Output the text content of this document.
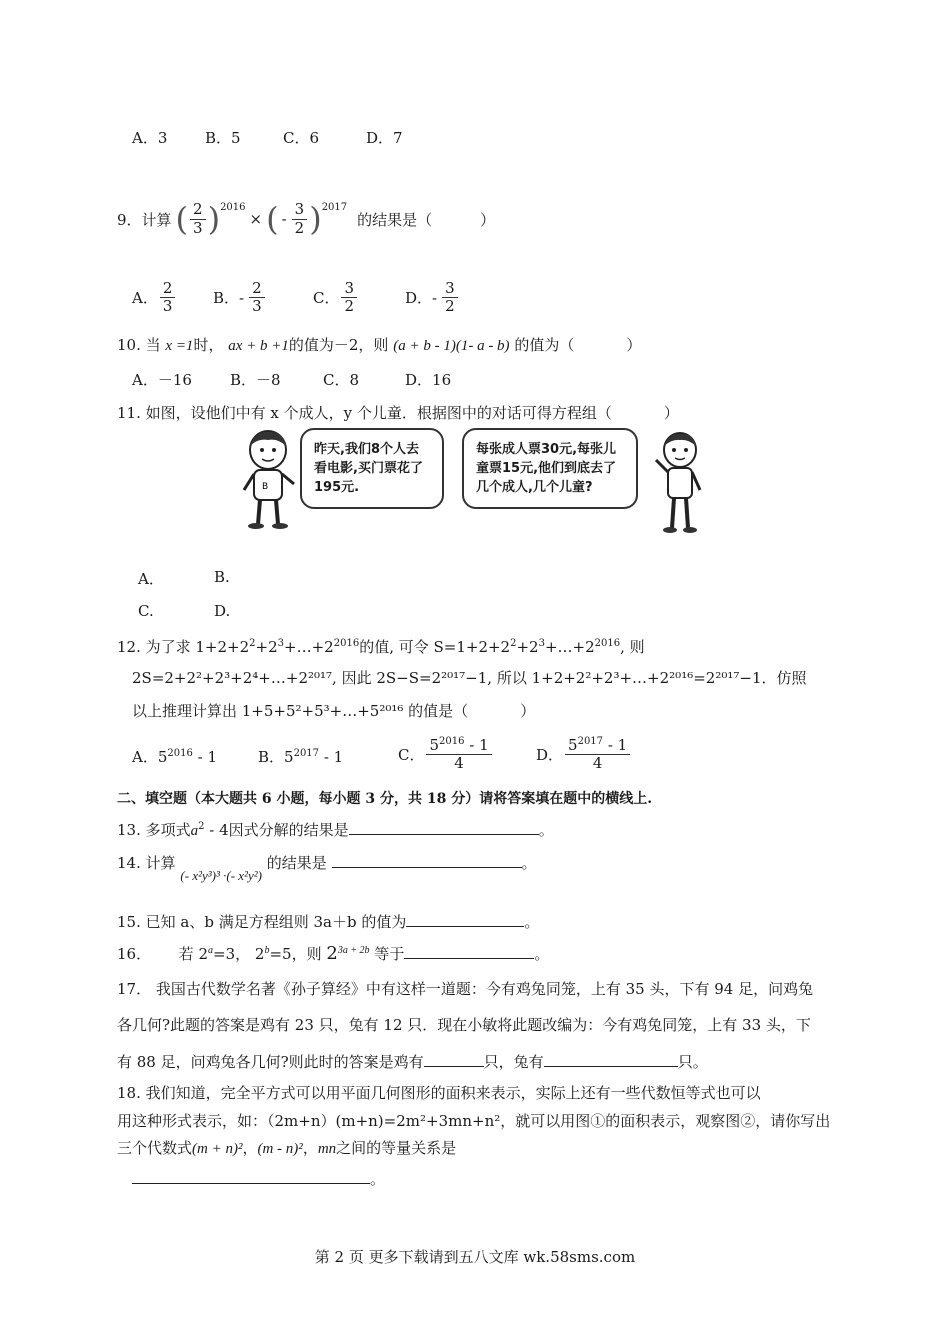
A．3	B．5	C．6	D．7
9．计算 ( $\frac{2}{3} )^{2016}$
× ( - $\frac{3}{2} )^{2017}$
的结果是（	）
A． $\frac{2}{3}$	B． - $\frac{2}{3}$	C． $\frac{3}{2}$	D． - $\frac{3}{2}$
10. 当 x =1时， ax + b +1的值为－2，则 (a + b - 1)(1- a - b) 的值为（	）
A．－16	B．－8	C．8	D．16
11. 如图，设他们中有 x 个成人，y 个儿童．根据图中的对话可得方程组（	）
B
昨天,我们8个人去看电影,买门票花了195元.
每张成人票30元,每张儿童票15元,他们到底去了几个成人,几个儿童?
A．	B.
C.	D.
12. 为了求 $1+2+2^2+2^3+\dots+2^{2016}$的值, 可令 $S=1+2+2^2+2^3+\dots+2^{2016}$, 则
2S=2+2²+2³+2⁴+…+2²⁰¹⁷, 因此 2S−S=2²⁰¹⁷−1, 所以 1+2+2²+2³+…+2²⁰¹⁶=2²⁰¹⁷−1．仿照
以上推理计算出 1+5+5²+5³+…+5²⁰¹⁶ 的值是（	）
A．$5^{2016} - 1$	B．$5^{2017} - 1$	C． $\frac{5^{2016} - 1}{4}$	D． $\frac{5^{2017} - 1}{4}$
二、填空题（本大题共 6 小题，每小题 3 分，共 18 分）请将答案填在题中的横线上.
13. 多项式$a^2 - 4$因式分解的结果是	。
14. 计算 (- x²y³)³ ·(- x²y²) 的结果是	。
15. 已知 a、b 满足方程组则 3a＋b 的值为	。
16． 若 $2^a=3$， $2^b=5$，则 $2^{3a + 2b}$ 等于	。
17． 我国古代数学名著《孙子算经》中有这样一道题：今有鸡兔同笼，上有 35 头，下有 94 足，问鸡兔
各几何?此题的答案是鸡有 23 只，兔有 12 只．现在小敏将此题改编为：今有鸡兔同笼，上有 33 头，下
有 88 足，问鸡兔各几何?则此时的答案是鸡有	只，兔有	只。
18. 我们知道，完全平方式可以用平面几何图形的面积来表示，实际上还有一些代数恒等式也可以
用这种形式表示，如：（2m+n）(m+n)=2m²+3mn+n²，就可以用图①的面积表示，观察图②，请你写出
三个代数式(m + n)²，(m - n)²，mn之间的等量关系是
。
第 2 页 更多下载请到五八文库 wk.58sms.com
